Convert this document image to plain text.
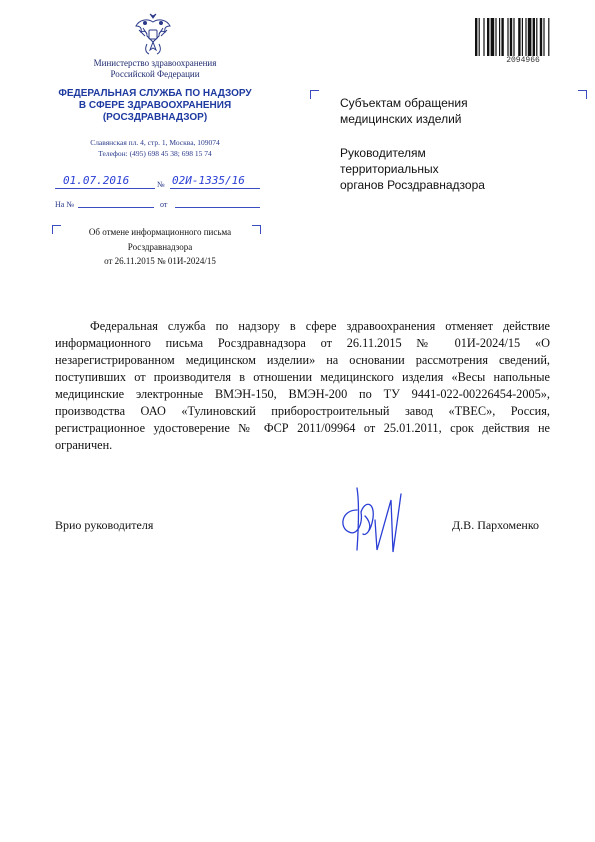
Министерство здравоохранения
Российской Федерации
ФЕДЕРАЛЬНАЯ СЛУЖБА ПО НАДЗОРУ
В СФЕРЕ ЗДРАВООХРАНЕНИЯ
(РОСЗДРАВНАДЗОР)
Славянская пл. 4, стр. 1, Москва, 109074
Телефон: (495) 698 45 38; 698 15 74
01.07.2016	№ 02И-1335/16
На №	от
2094966
Субъектам обращения
медицинских изделий
Руководителям
территориальных
органов Росздравнадзора
Об отмене информационного письма
Росздравнадзора
от 26.11.2015 № 01И-2024/15
Федеральная служба по надзору в сфере здравоохранения отменяет действие информационного письма Росздравнадзора от 26.11.2015 № 01И-2024/15 «О незарегистрированном медицинском изделии» на основании рассмотрения сведений, поступивших от производителя в отношении медицинского изделия «Весы напольные медицинские электронные ВМЭН-150, ВМЭН-200 по ТУ 9441-022-00226454-2005», производства ОАО «Тулиновский приборостроительный завод «ТВЕС», Россия, регистрационное удостоверение № ФСР 2011/09964 от 25.01.2011, срок действия не ограничен.
Врио руководителя	Д.В. Пархоменко
